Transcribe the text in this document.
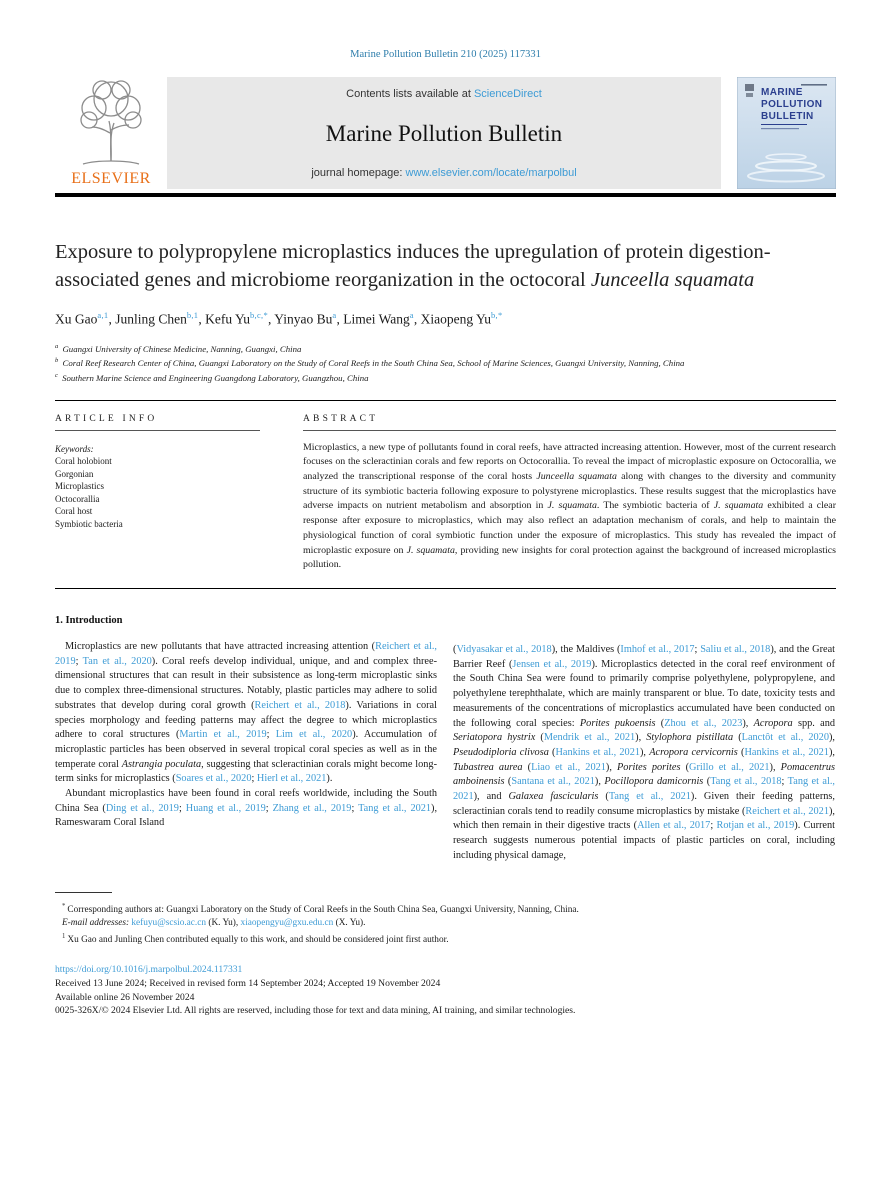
Marine Pollution Bulletin 210 (2025) 117331
ELSEVIER
Contents lists available at ScienceDirect
Marine Pollution Bulletin
journal homepage: www.elsevier.com/locate/marpolbul
MARINE
POLLUTION
BULLETIN
Exposure to polypropylene microplastics induces the upregulation of protein digestion-associated genes and microbiome reorganization in the octocoral Junceella squamata
Xu Gao$^{a,1}$, Junling Chen$^{b,1}$, Kefu $Yu^{b,c,*}$, Yinyao Bu$^a$, Limei Wang$^a$, Xiaopeng $Yu^{b,*}$
$^a$ Guangxi University of Chinese Medicine, Nanning, Guangxi, China
$^b$ Coral Reef Research Center of China, Guangxi Laboratory on the Study of Coral Reefs in the South China Sea, School of Marine Sciences, Guangxi University, Nanning, China
$^c$ Southern Marine Science and Engineering Guangdong Laboratory, Guangzhou, China
ARTICLE INFO
Keywords:
Coral holobiont
Gorgonian
Microplastics
Octocorallia
Coral host
Symbiotic bacteria
ABSTRACT

Microplastics, a new type of pollutants found in coral reefs, have attracted increasing attention. However, most of the current research focuses on the scleractinian corals and few reports on Octocorallia. To reveal the impact of microplastic exposure on Octocorallia, we analyzed the transcriptional response of the coral hosts Junceella squamata along with changes to the diversity and community structure of its symbiotic bacteria following exposure to polystyrene microplastics. These results suggest that the microplastics have adverse impacts on nutrient metabolism and absorption in J. squamata. The symbiotic bacteria of J. squamata exhibited a clear response after exposure to microplastics, which may also reflect an adaptation mechanism of corals, and help to maintain the physiological function of coral symbiotic function under the exposure of microplastics. This study has revealed the impact of microplastic exposure on J. squamata, providing new insights for coral protection against the background of increased microplastics pollution.

1. Introduction

Microplastics are new pollutants that have attracted increasing attention (Reichert et al., 2019; Tan et al., 2020). Coral reefs develop individual, unique, and and complex three-dimensional structures that can result in their subsistence as long-term microplastic sinks due to complex three-dimensional structures. Notably, plastic particles may adhere to solid substrates that develop during coral growth (Reichert et al., 2018). Variations in coral species morphology and feeding patterns may affect the degree to which microplastics adhere to coral structures (Martin et al., 2019; Lim et al., 2020). Accumulation of microplastic particles has been observed in several tropical coral species as well as in the temperate coral Astrangia poculata, suggesting that scleractinian corals might become long-term sinks for microplastics (Soares et al., 2020; Hierl et al., 2021).

Abundant microplastics have been found in coral reefs worldwide, including the South China Sea (Ding et al., 2019; Huang et al., 2019; Zhang et al., 2019; Tang et al., 2021), Rameswaram Coral Island

(Vidyasakar et al., 2018), the Maldives (Imhof et al., 2017; Saliu et al., 2018), and the Great Barrier Reef (Jensen et al., 2019). Microplastics detected in the coral reef environment of the South China Sea were found to primarily comprise polyethylene, polypropylene, and polyethylene terephthalate, which are mainly transparent or blue. To date, toxicity tests and measurements of the concentrations of microplastics accumulated have been conducted on the following coral species: Porites pukoensis (Zhou et al., 2023), Acropora spp. and Seriatopora hystrix (Mendrik et al., 2021), Stylophora pistillata (Lanctôt et al., 2020), Pseudodiploria clivosa (Hankins et al., 2021), Acropora cervicornis (Hankins et al., 2021), Tubastrea aurea (Liao et al., 2021), Porites porites (Grillo et al., 2021), Pomacentrus amboinensis (Santana et al., 2021), Pocillopora damicornis (Tang et al., 2018; Tang et al., 2021), and Galaxea fascicularis (Tang et al., 2021). Given their feeding patterns, scleractinian corals tend to readily consume microplastics by mistake (Reichert et al., 2021), which then remain in their digestive tracts (Allen et al., 2017; Rotjan et al., 2019). Current research suggests numerous potential impacts of plastic particles on coral, including including physical damage,

* Corresponding authors at: Guangxi Laboratory on the Study of Coral Reefs in the South China Sea, Guangxi University, Nanning, China.
E-mail addresses: kefuyu@scsio.ac.cn (K. Yu), xiaopengyu@gxu.edu.cn (X. Yu).
$^1$ Xu Gao and Junling Chen contributed equally to this work, and should be considered joint first author.
https://doi.org/10.1016/j.marpolbul.2024.117331
Received 13 June 2024; Received in revised form 14 September 2024; Accepted 19 November 2024
Available online 26 November 2024
0025-326X/© 2024 Elsevier Ltd. All rights are reserved, including those for text and data mining, AI training, and similar technologies.
